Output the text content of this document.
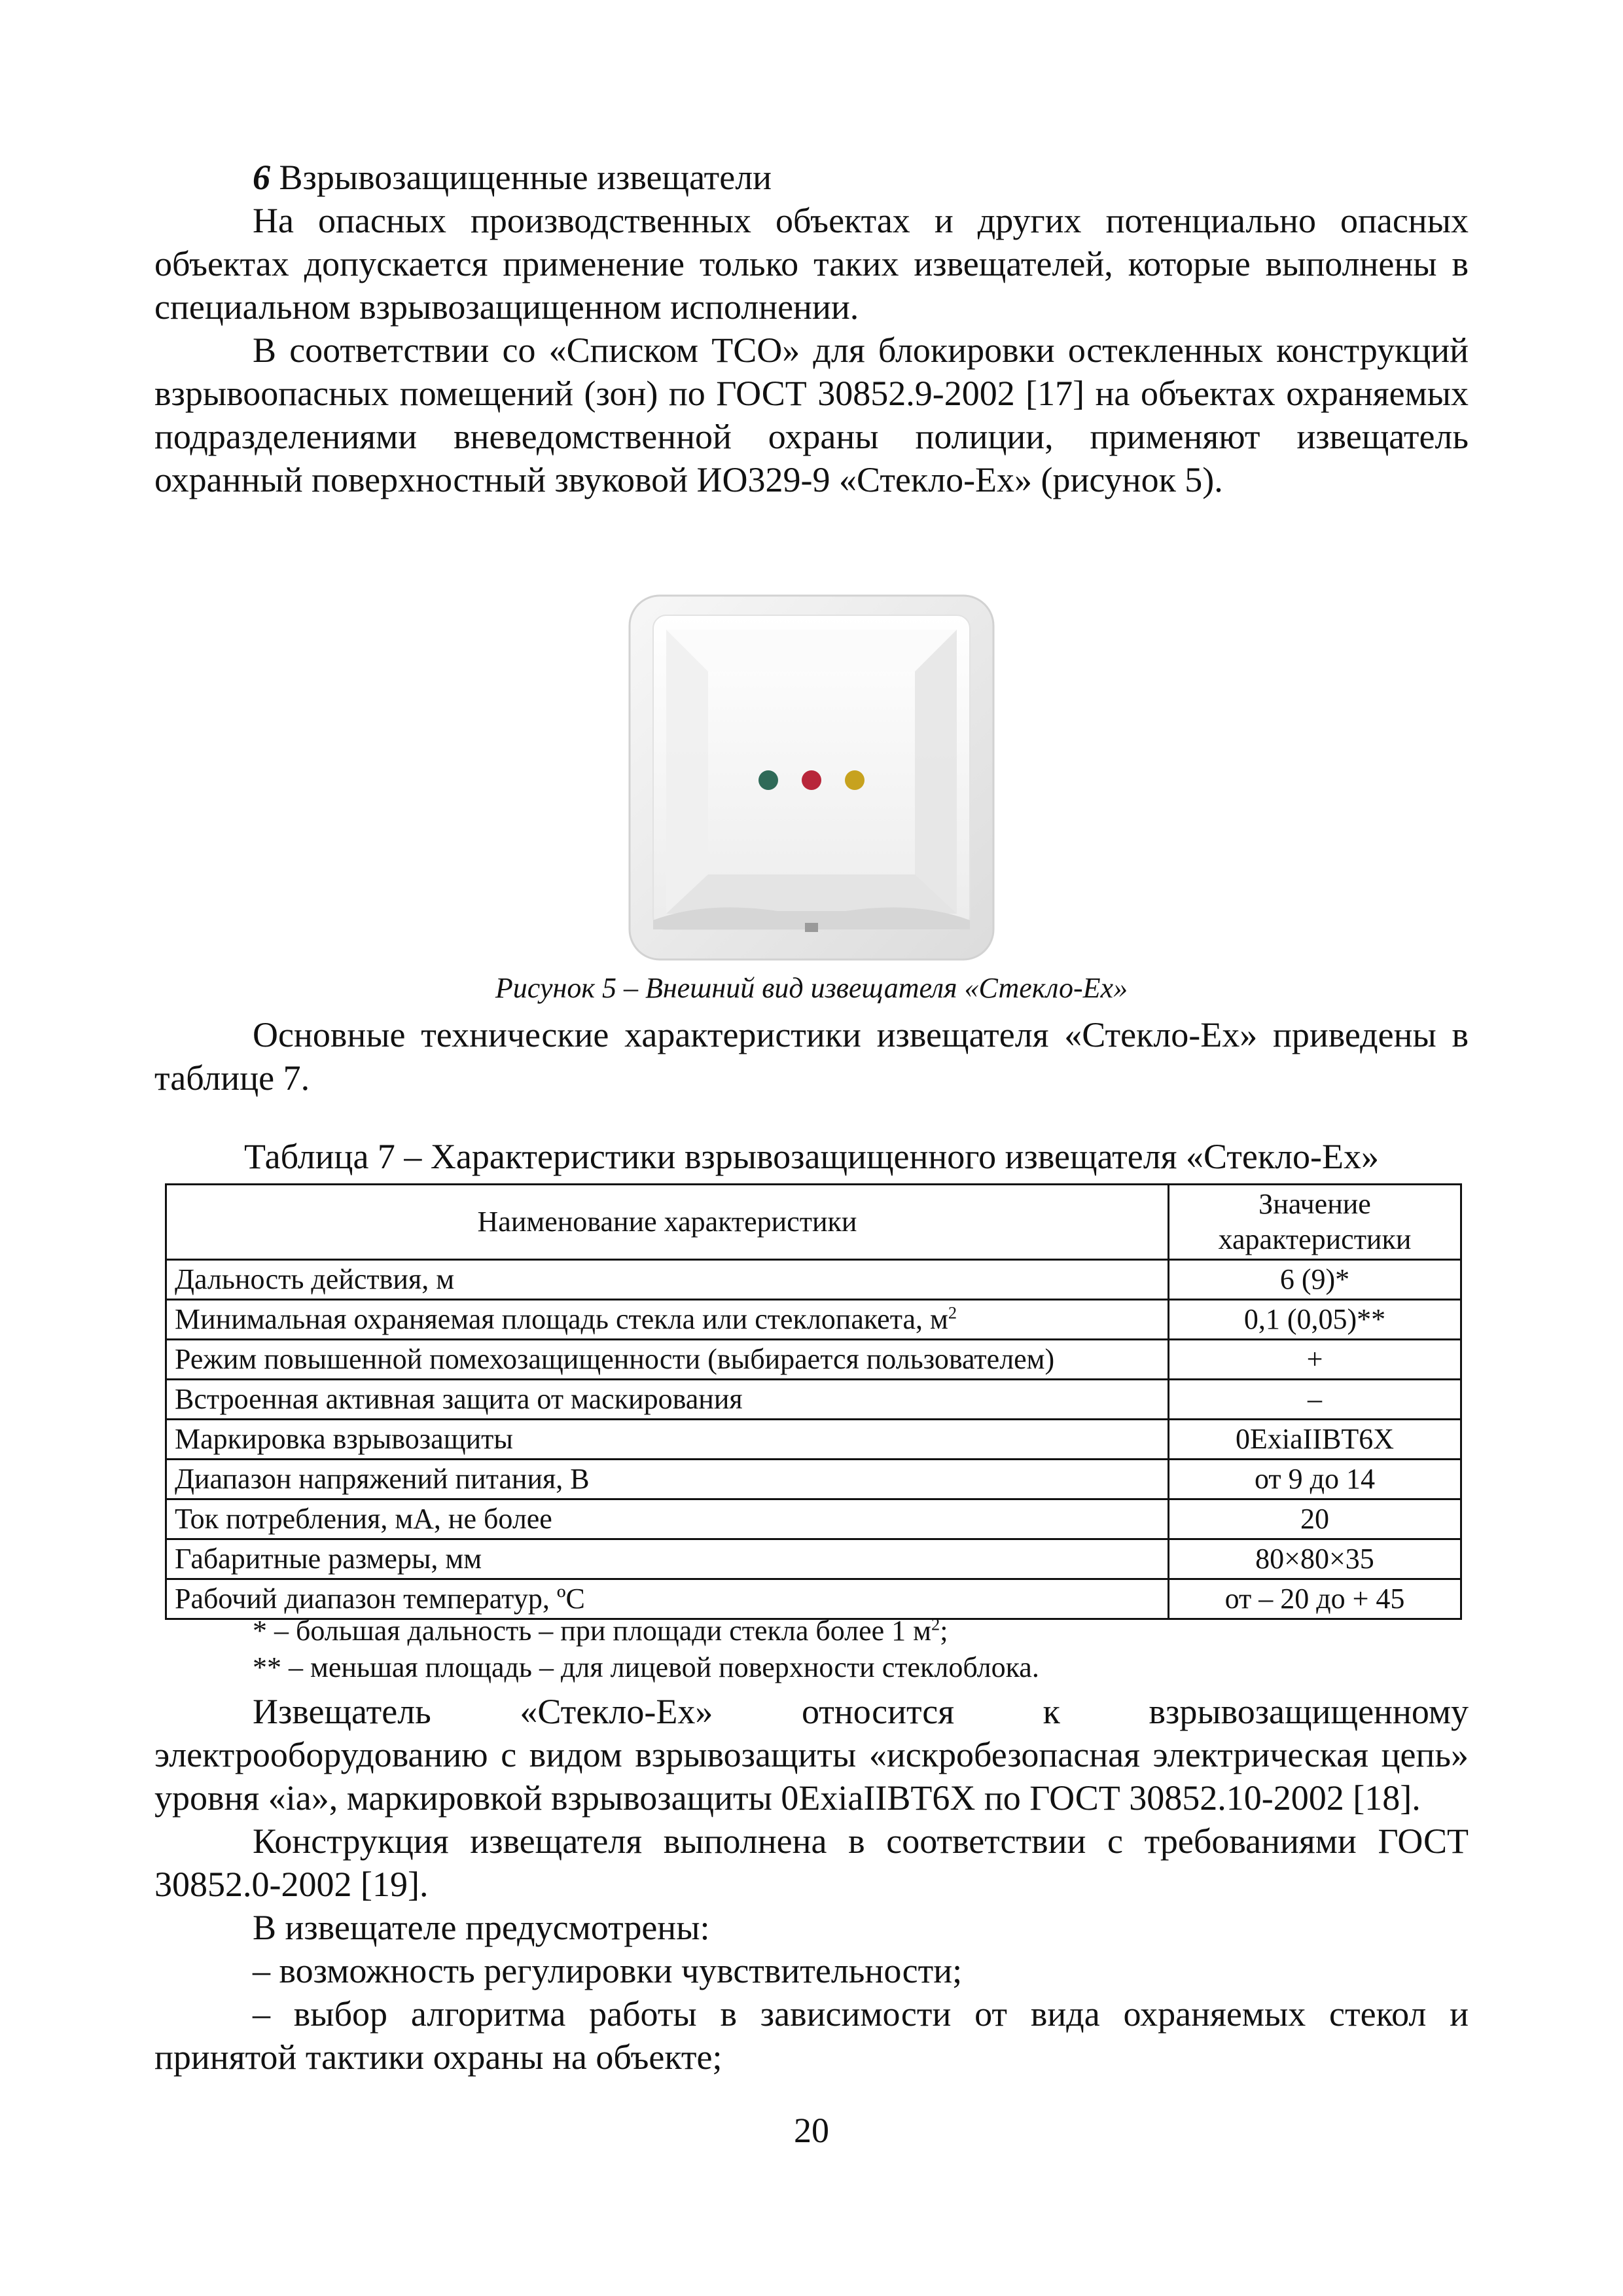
6 Взрывозащищенные извещатели

На опасных производственных объектах и других потенциально опасных объектах допускается применение только таких извещателей, которые выполнены в специальном взрывозащищенном исполнении.

В соответствии со «Списком ТСО» для блокировки остекленных конструкций взрывоопасных помещений (зон) по ГОСТ 30852.9-2002 [17] на объектах охраняемых подразделениями вневедомственной охраны полиции, применяют извещатель охранный поверхностный звуковой ИО329-9 «Стекло-Ех» (рисунок 5).

Рисунок 5 – Внешний вид извещателя «Стекло-Ех»

Основные технические характеристики извещателя «Стекло-Ех» приведены в таблице 7.

Таблица 7 – Характеристики взрывозащищенного извещателя «Стекло-Ех»
Наименование характеристики	Значение характеристики
Дальность действия, м	6 (9)*
Минимальная охраняемая площадь стекла или стеклопакета, $м^2$	0,1 (0,05)**
Режим повышенной помехозащищенности (выбирается пользователем)	+
Встроенная активная защита от маскирования	–
Маркировка взрывозащиты	0ExiaIIBT6X
Диапазон напряжений питания, В	от 9 до 14
Ток потребления, мА, не более	20
Габаритные размеры, мм	80×80×35
Рабочий диапазон температур, ºС	от – 20 до + 45
* – большая дальность – при площади стекла более 1 $м^2$;
** – меньшая площадь – для лицевой поверхности стеклоблока.

Извещатель «Стекло-Ех» относится к взрывозащищенному электрооборудованию с видом взрывозащиты «искробезопасная электрическая цепь» уровня «ia», маркировкой взрывозащиты 0ExiaIIBT6X по ГОСТ 30852.10-2002 [18].

Конструкция извещателя выполнена в соответствии с требованиями ГОСТ 30852.0-2002 [19].

В извещателе предусмотрены:

– возможность регулировки чувствительности;

– выбор алгоритма работы в зависимости от вида охраняемых стекол и принятой тактики охраны на объекте;

20
